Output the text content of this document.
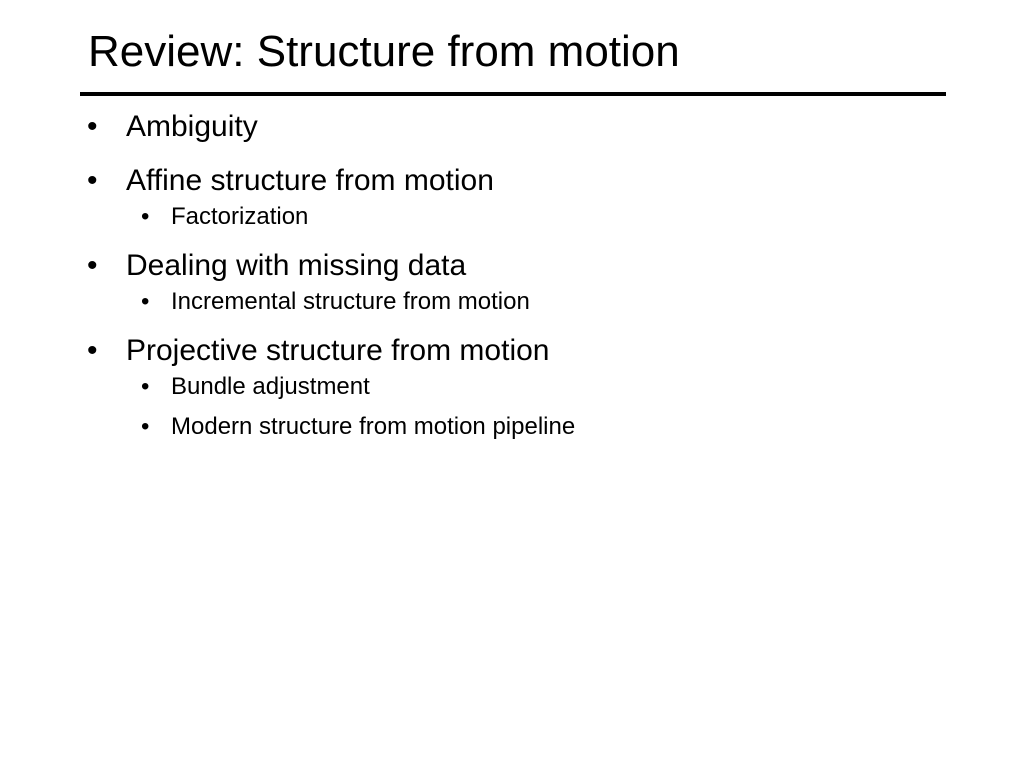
Review: Structure from motion
• Ambiguity
• Affine structure from motion
• Factorization
• Dealing with missing data
• Incremental structure from motion
• Projective structure from motion
• Bundle adjustment
• Modern structure from motion pipeline
